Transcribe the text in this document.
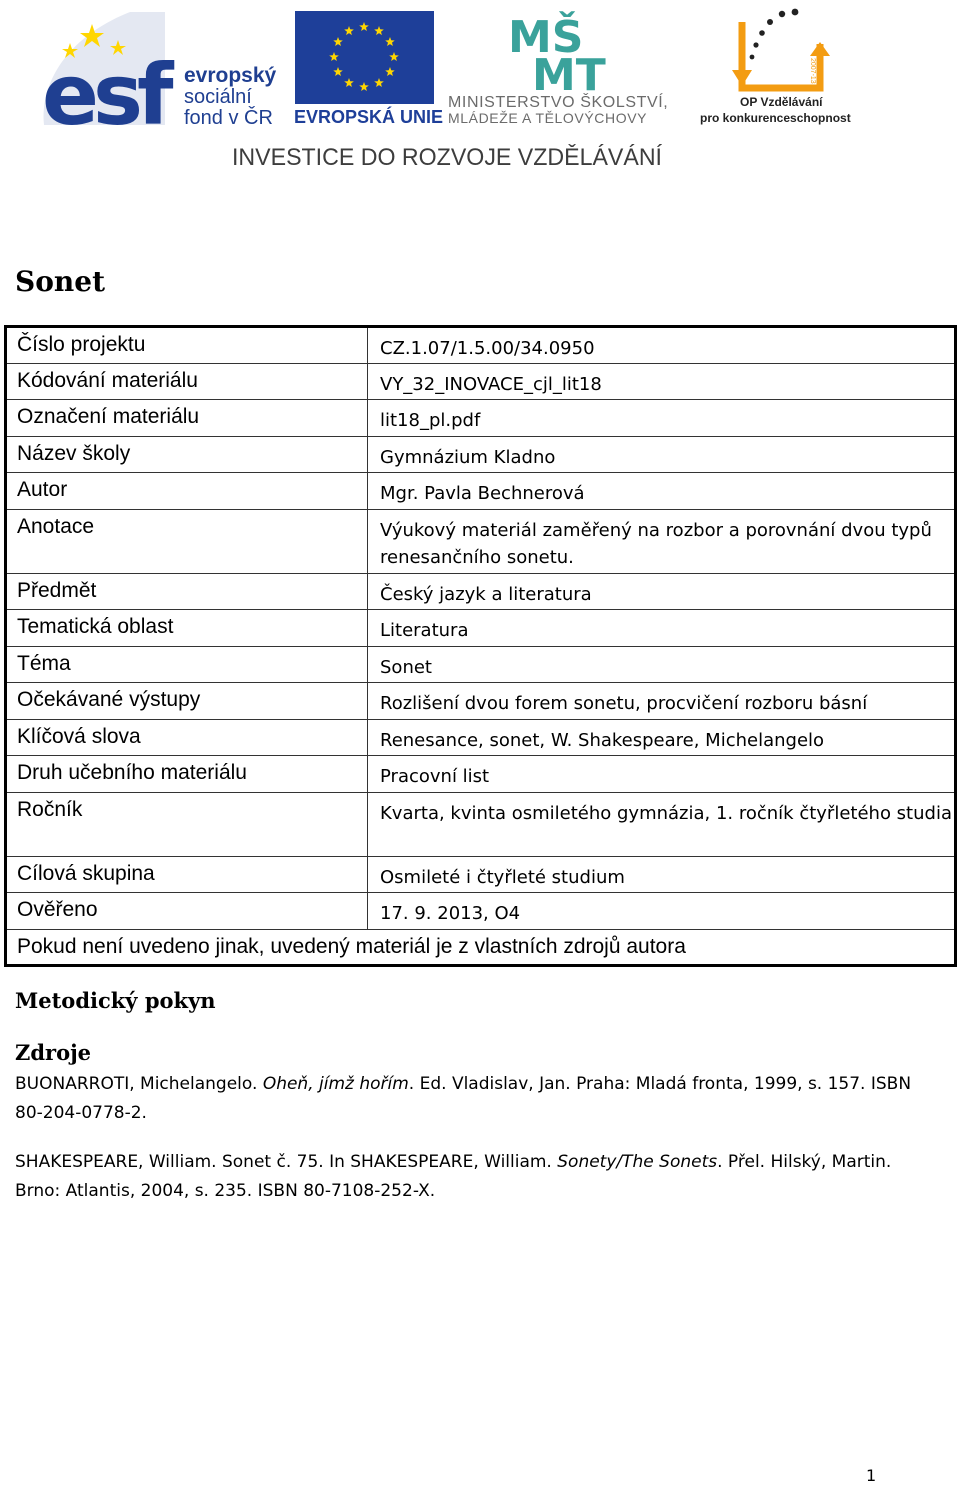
esf evropský
sociální
fond v ČR EVROPSKÁ UNIE
MŠ
MT
MINISTERSTVO ŠKOLSTVÍ,
MLÁDEŽE A TĚLOVÝCHOVY
2007-13
OP Vzdělávání
pro konkurenceschopnost
INVESTICE DO ROZVOJE VZDĚLÁVÁNÍ
Sonet
Číslo projektu	CZ.1.07/1.5.00/34.0950
Kódování materiálu	VY_32_INOVACE_cjl_lit18
Označení materiálu	lit18_pl.pdf
Název školy	Gymnázium Kladno
Autor	Mgr. Pavla Bechnerová
Anotace	Výukový materiál zaměřený na rozbor a porovnání dvou typů renesančního sonetu.
Předmět	Český jazyk a literatura
Tematická oblast	Literatura
Téma	Sonet
Očekávané výstupy	Rozlišení dvou forem sonetu, procvičení rozboru básní
Klíčová slova	Renesance, sonet, W. Shakespeare, Michelangelo
Druh učebního materiálu	Pracovní list
Ročník	Kvarta, kvinta osmiletého gymnázia, 1. ročník čtyřletého studia
Cílová skupina	Osmileté i čtyřleté studium
Ověřeno	17. 9. 2013, O4
Pokud není uvedeno jinak, uvedený materiál je z vlastních zdrojů autora	
Metodický pokyn
Zdroje

BUONARROTI, Michelangelo. Oheň, jímž hořím. Ed. Vladislav, Jan. Praha: Mladá fronta, 1999, s. 157. ISBN 80-204-0778-2.

SHAKESPEARE, William. Sonet č. 75. In SHAKESPEARE, William. Sonety/The Sonets. Přel. Hilský, Martin. Brno: Atlantis, 2004, s. 235. ISBN 80-7108-252-X.

1
